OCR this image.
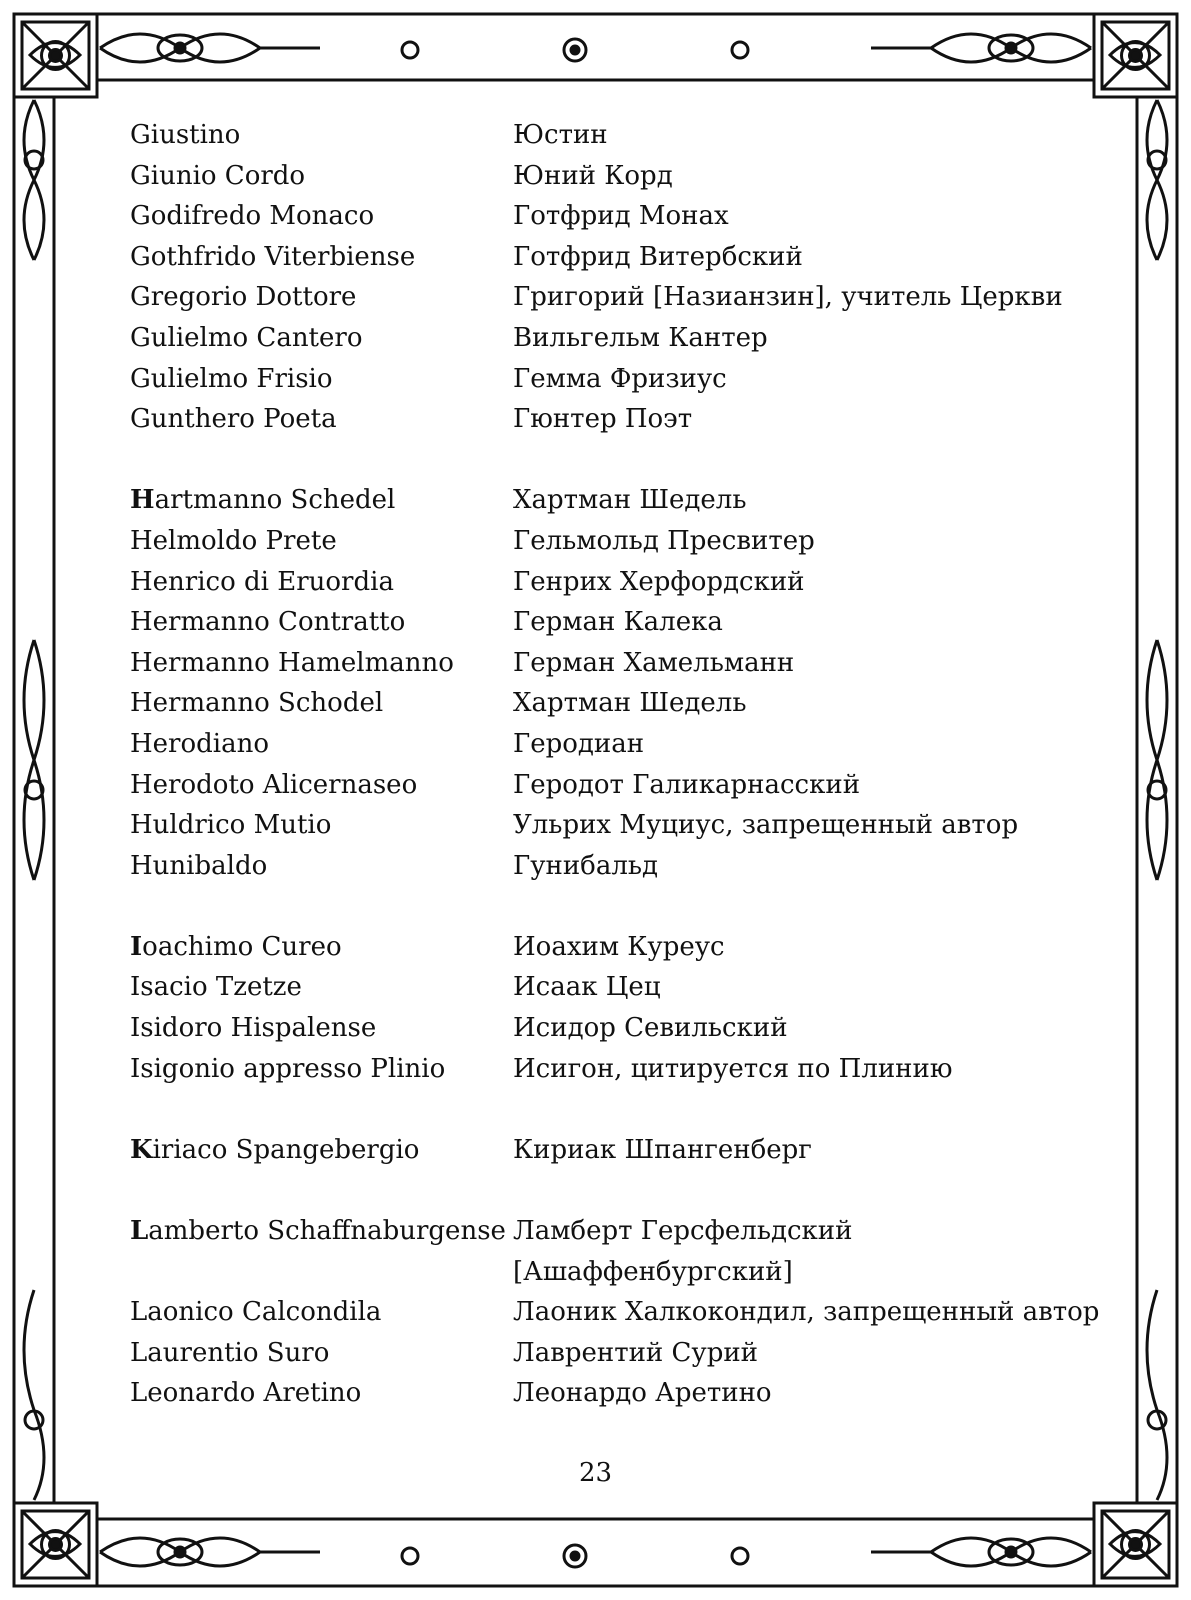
Giustino	Юстин
Giunio Cordo	Юний Корд
Godifredo Monaco	Готфрид Монах
Gothfrido Viterbiense	Готфрид Витербский
Gregorio Dottore	Григорий [Назианзин], учитель Церкви
Gulielmo Cantero	Вильгельм Кантер
Gulielmo Frisio	Гемма Фризиус
Gunthero Poeta	Гюнтер Поэт
Hartmanno Schedel	Хартман Шедель
Helmoldo Prete	Гельмольд Пресвитер
Henrico di Eruordia	Генрих Херфордский
Hermanno Contratto	Герман Калека
Hermanno Hamelmanno Герман Хамельманн
Hermanno Schodel	Хартман Шедель
Herodiano	Геродиан
Herodoto Alicernaseo	Геродот Галикарнасский
Huldrico Mutio	Ульрих Муциус, запрещенный автор
Hunibaldo	Гунибальд
Ioachimo Cureo	Иоахим Куреус
Isacio Tzetze	Исаак Цец
Isidoro Hispalense	Исидор Севильский
Isigonio appresso Plinio	Исигон, цитируется по Плинию
Kiriaco Spangebergio	Кириак Шпангенберг
Lamberto Schaffnaburgense Ламберт Герсфельдский
[Ашаффенбургский]
Laonico Calcondila	Лаоник Халкокондил, запрещенный автор
Laurentio Suro	Лаврентий Сурий
Leonardo Aretino	Леонардо Аретино
23
